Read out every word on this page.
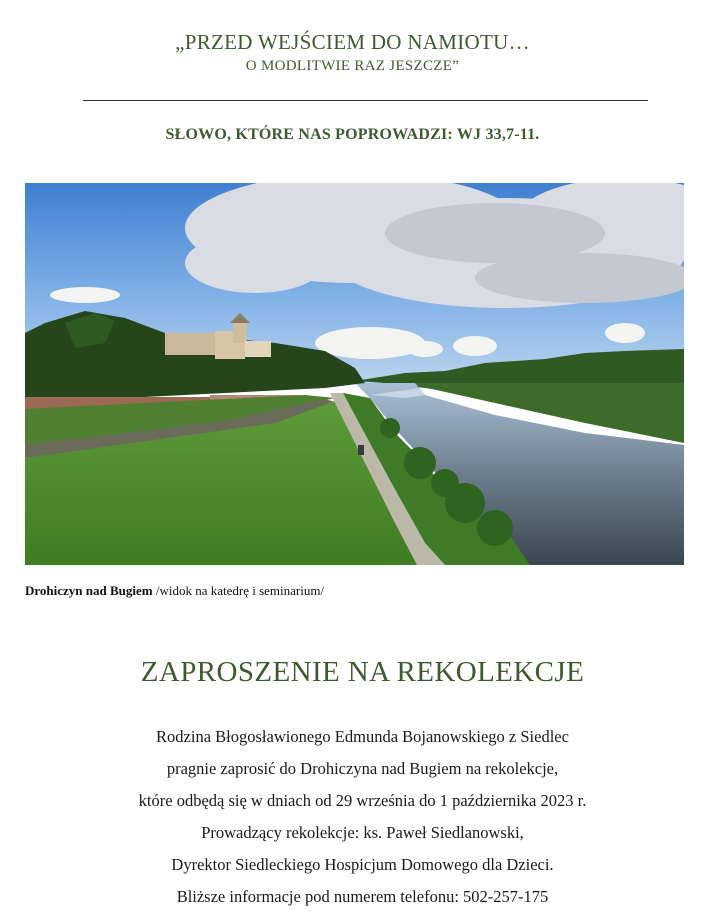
„PRZED WEJŚCIEM DO NAMIOTU…
O MODLITWIE RAZ JESZCZE”
SŁOWO, KTÓRE NAS POPROWADZI: WJ 33,7-11.
Drohiczyn nad Bugiem /widok na katedrę i seminarium/
ZAPROSZENIE NA REKOLEKCJE
Rodzina Błogosławionego Edmunda Bojanowskiego z Siedlec
pragnie zaprosić do Drohiczyna nad Bugiem na rekolekcje,
które odbędą się w dniach od 29 września do 1 października 2023 r.
Prowadzący rekolekcje: ks. Paweł Siedlanowski,
Dyrektor Siedleckiego Hospicjum Domowego dla Dzieci.
Bliższe informacje pod numerem telefonu: 502-257-175
